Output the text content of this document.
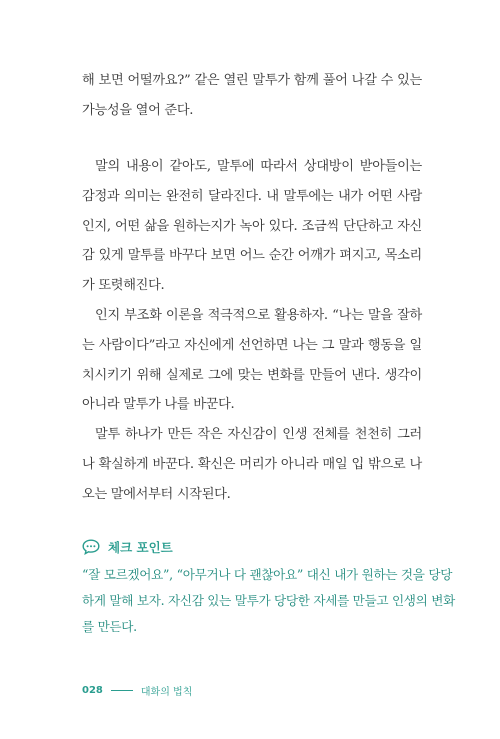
해 보면 어떨까요?” 같은 열린 말투가 함께 풀어 나갈 수 있는
가능성을 열어 준다.

말의 내용이 같아도, 말투에 따라서 상대방이 받아들이는
감정과 의미는 완전히 달라진다. 내 말투에는 내가 어떤 사람
인지, 어떤 삶을 원하는지가 녹아 있다. 조금씩 단단하고 자신
감 있게 말투를 바꾸다 보면 어느 순간 어깨가 펴지고, 목소리
가 또렷해진다.

인지 부조화 이론을 적극적으로 활용하자. “나는 말을 잘하
는 사람이다”라고 자신에게 선언하면 나는 그 말과 행동을 일
치시키기 위해 실제로 그에 맞는 변화를 만들어 낸다. 생각이
아니라 말투가 나를 바꾼다.

말투 하나가 만든 작은 자신감이 인생 전체를 천천히 그러
나 확실하게 바꾼다. 확신은 머리가 아니라 매일 입 밖으로 나
오는 말에서부터 시작된다.

체크 포인트
“잘 모르겠어요”, “아무거나 다 괜찮아요” 대신 내가 원하는 것을 당당
하게 말해 보자. 자신감 있는 말투가 당당한 자세를 만들고 인생의 변화
를 만든다.
028	대화의 법칙
